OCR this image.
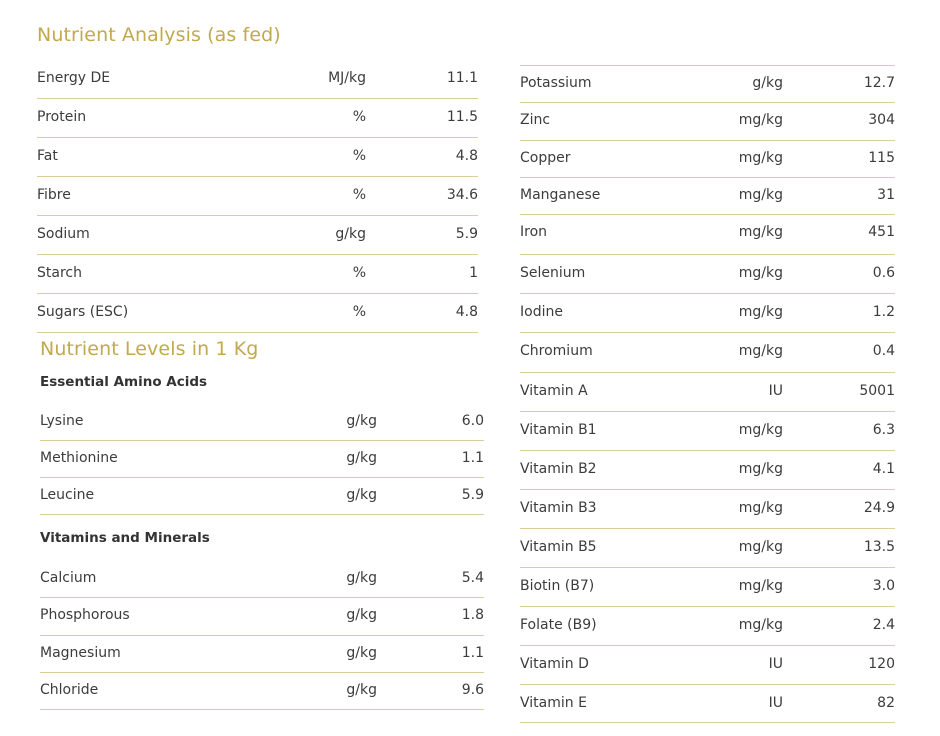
Nutrient Analysis (as fed)
Energy DE	MJ/kg	11.1
Protein	%	11.5
Fat	%	4.8
Fibre	%	34.6
Sodium	g/kg	5.9
Starch	%	1
Sugars (ESC)	%	4.8
Nutrient Levels in 1 Kg
Essential Amino Acids
Lysine	g/kg	6.0
Methionine	g/kg	1.1
Leucine	g/kg	5.9
Vitamins and Minerals
Calcium	g/kg	5.4
Phosphorous	g/kg	1.8
Magnesium	g/kg	1.1
Chloride	g/kg	9.6
Potassium	g/kg	12.7
Zinc	mg/kg	304
Copper	mg/kg	115
Manganese	mg/kg	31
Iron	mg/kg	451
Selenium	mg/kg	0.6
Iodine	mg/kg	1.2
Chromium	mg/kg	0.4
Vitamin A	IU	5001
Vitamin B1	mg/kg	6.3
Vitamin B2	mg/kg	4.1
Vitamin B3	mg/kg	24.9
Vitamin B5	mg/kg	13.5
Biotin (B7)	mg/kg	3.0
Folate (B9)	mg/kg	2.4
Vitamin D	IU	120
Vitamin E	IU	82
